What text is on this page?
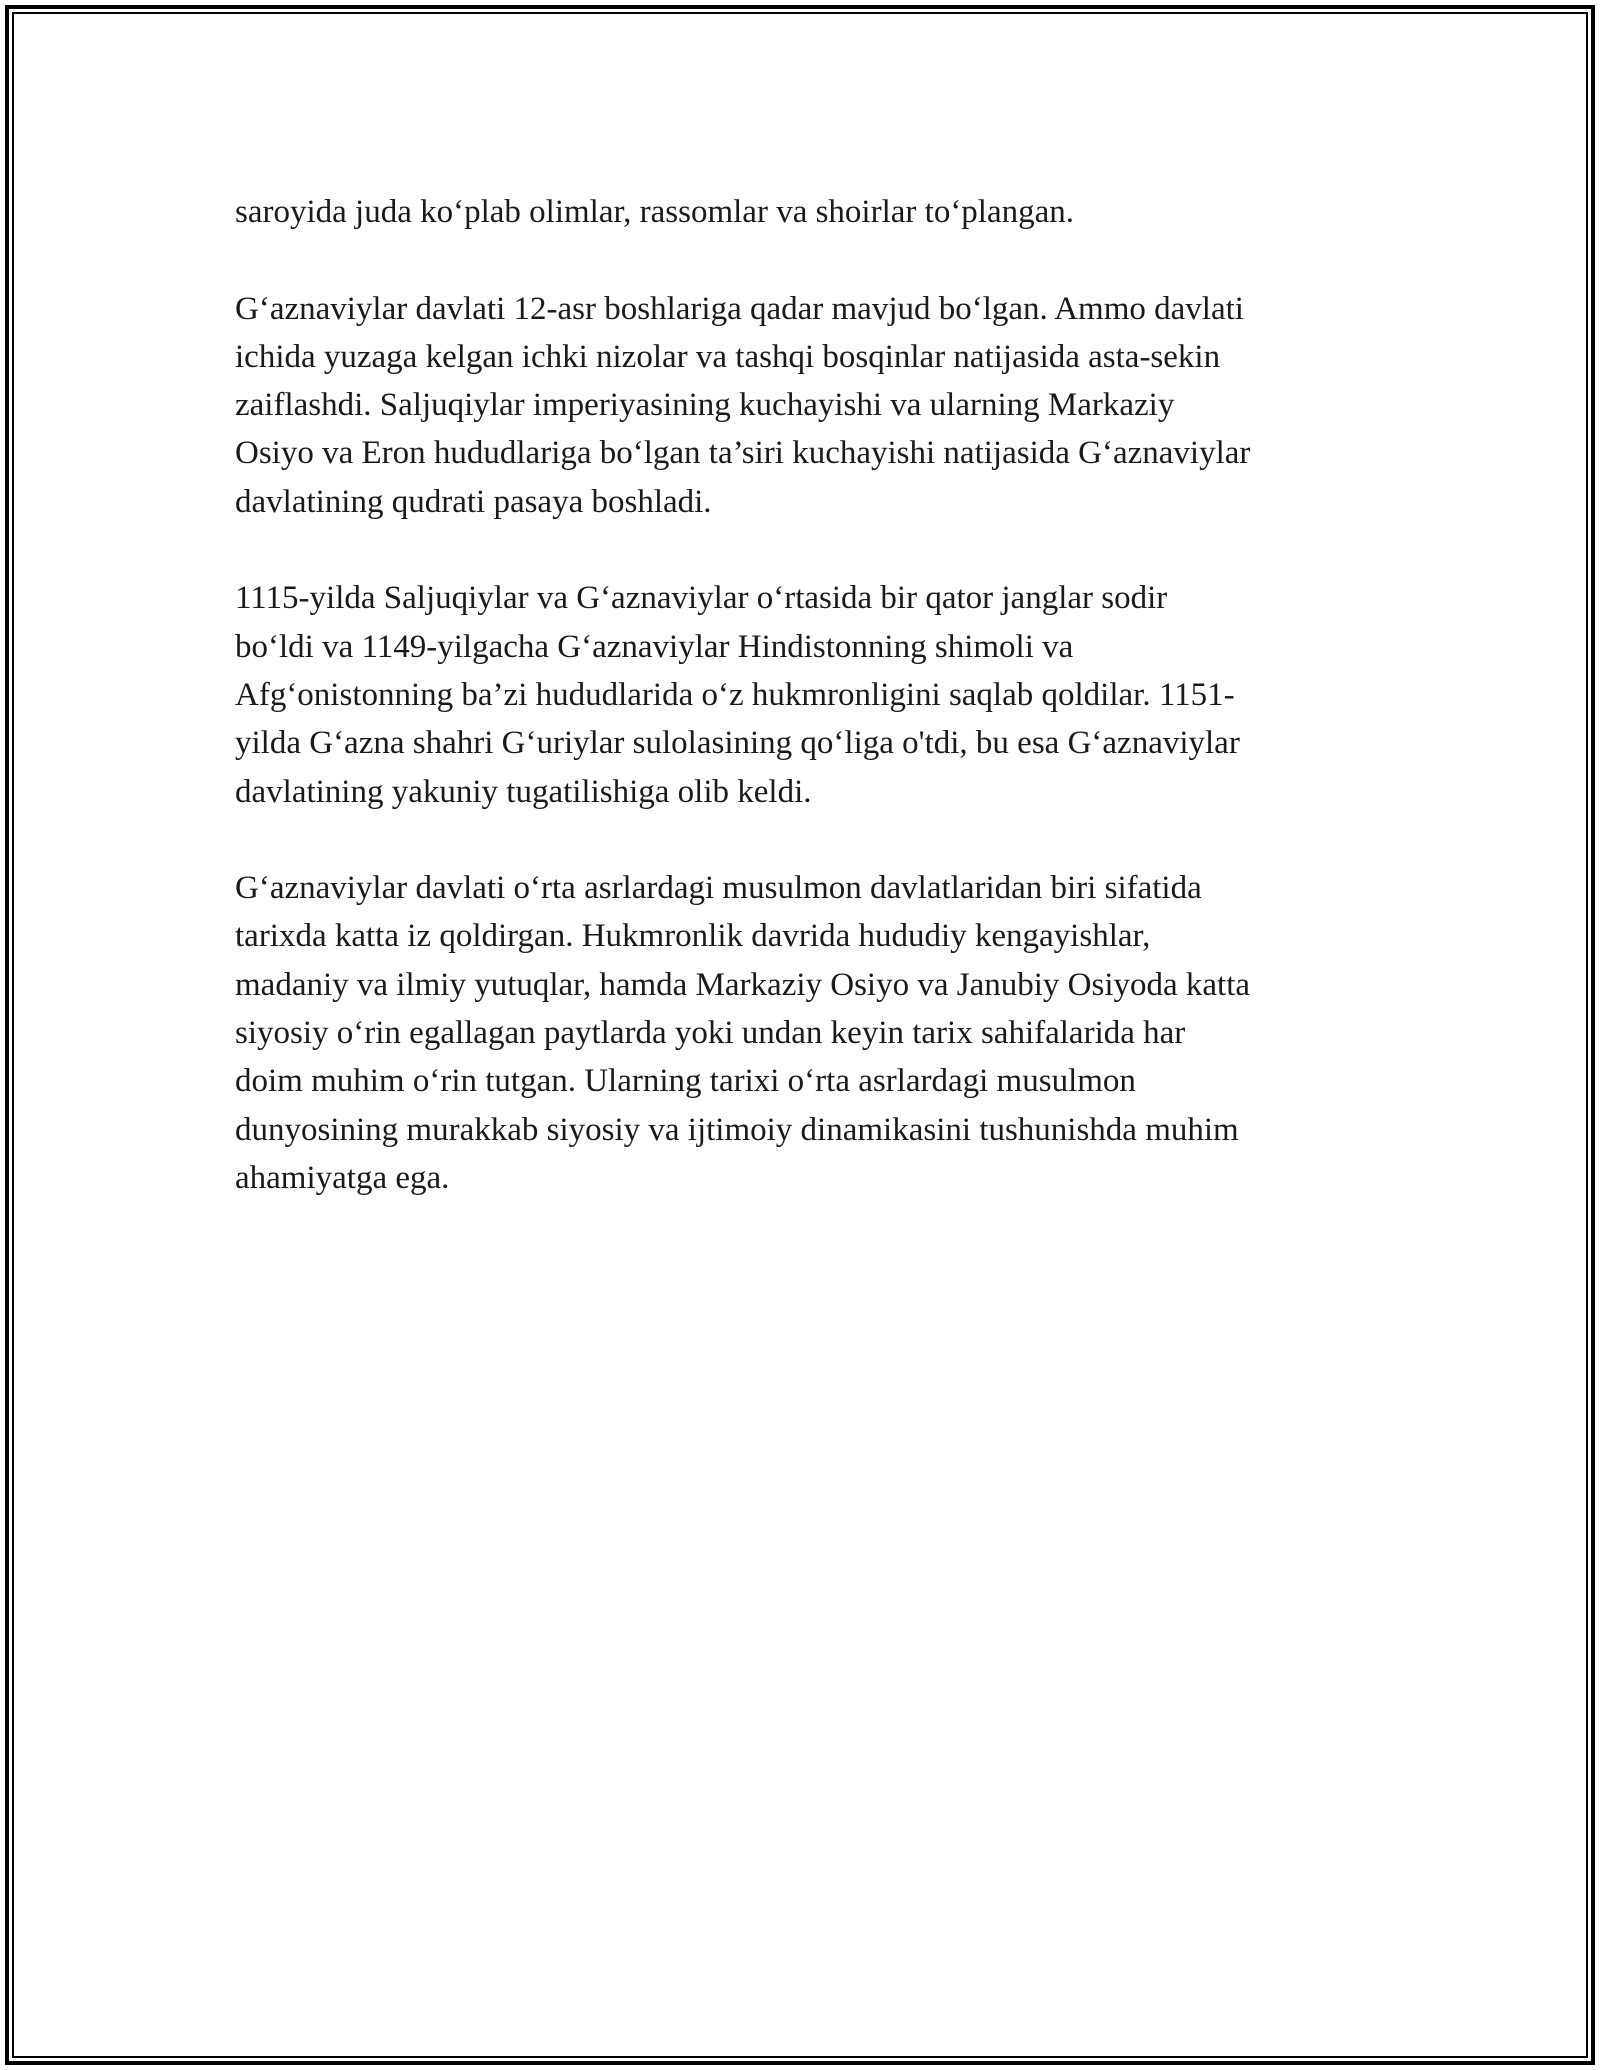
saroyida juda ko‘plab olimlar, rassomlar va shoirlar to‘plangan.

G‘aznaviylar davlati 12-asr boshlariga qadar mavjud bo‘lgan. Ammo davlati
ichida yuzaga kelgan ichki nizolar va tashqi bosqinlar natijasida asta-sekin
zaiflashdi. Saljuqiylar imperiyasining kuchayishi va ularning Markaziy
Osiyo va Eron hududlariga bo‘lgan ta’siri kuchayishi natijasida G‘aznaviylar
davlatining qudrati pasaya boshladi.

1115-yilda Saljuqiylar va G‘aznaviylar o‘rtasida bir qator janglar sodir
bo‘ldi va 1149-yilgacha G‘aznaviylar Hindistonning shimoli va
Afg‘onistonning ba’zi hududlarida o‘z hukmronligini saqlab qoldilar. 1151-
yilda G‘azna shahri G‘uriylar sulolasining qo‘liga o'tdi, bu esa G‘aznaviylar
davlatining yakuniy tugatilishiga olib keldi.

G‘aznaviylar davlati o‘rta asrlardagi musulmon davlatlaridan biri sifatida
tarixda katta iz qoldirgan. Hukmronlik davrida hududiy kengayishlar,
madaniy va ilmiy yutuqlar, hamda Markaziy Osiyo va Janubiy Osiyoda katta
siyosiy o‘rin egallagan paytlarda yoki undan keyin tarix sahifalarida har
doim muhim o‘rin tutgan. Ularning tarixi o‘rta asrlardagi musulmon
dunyosining murakkab siyosiy va ijtimoiy dinamikasini tushunishda muhim
ahamiyatga ega.
